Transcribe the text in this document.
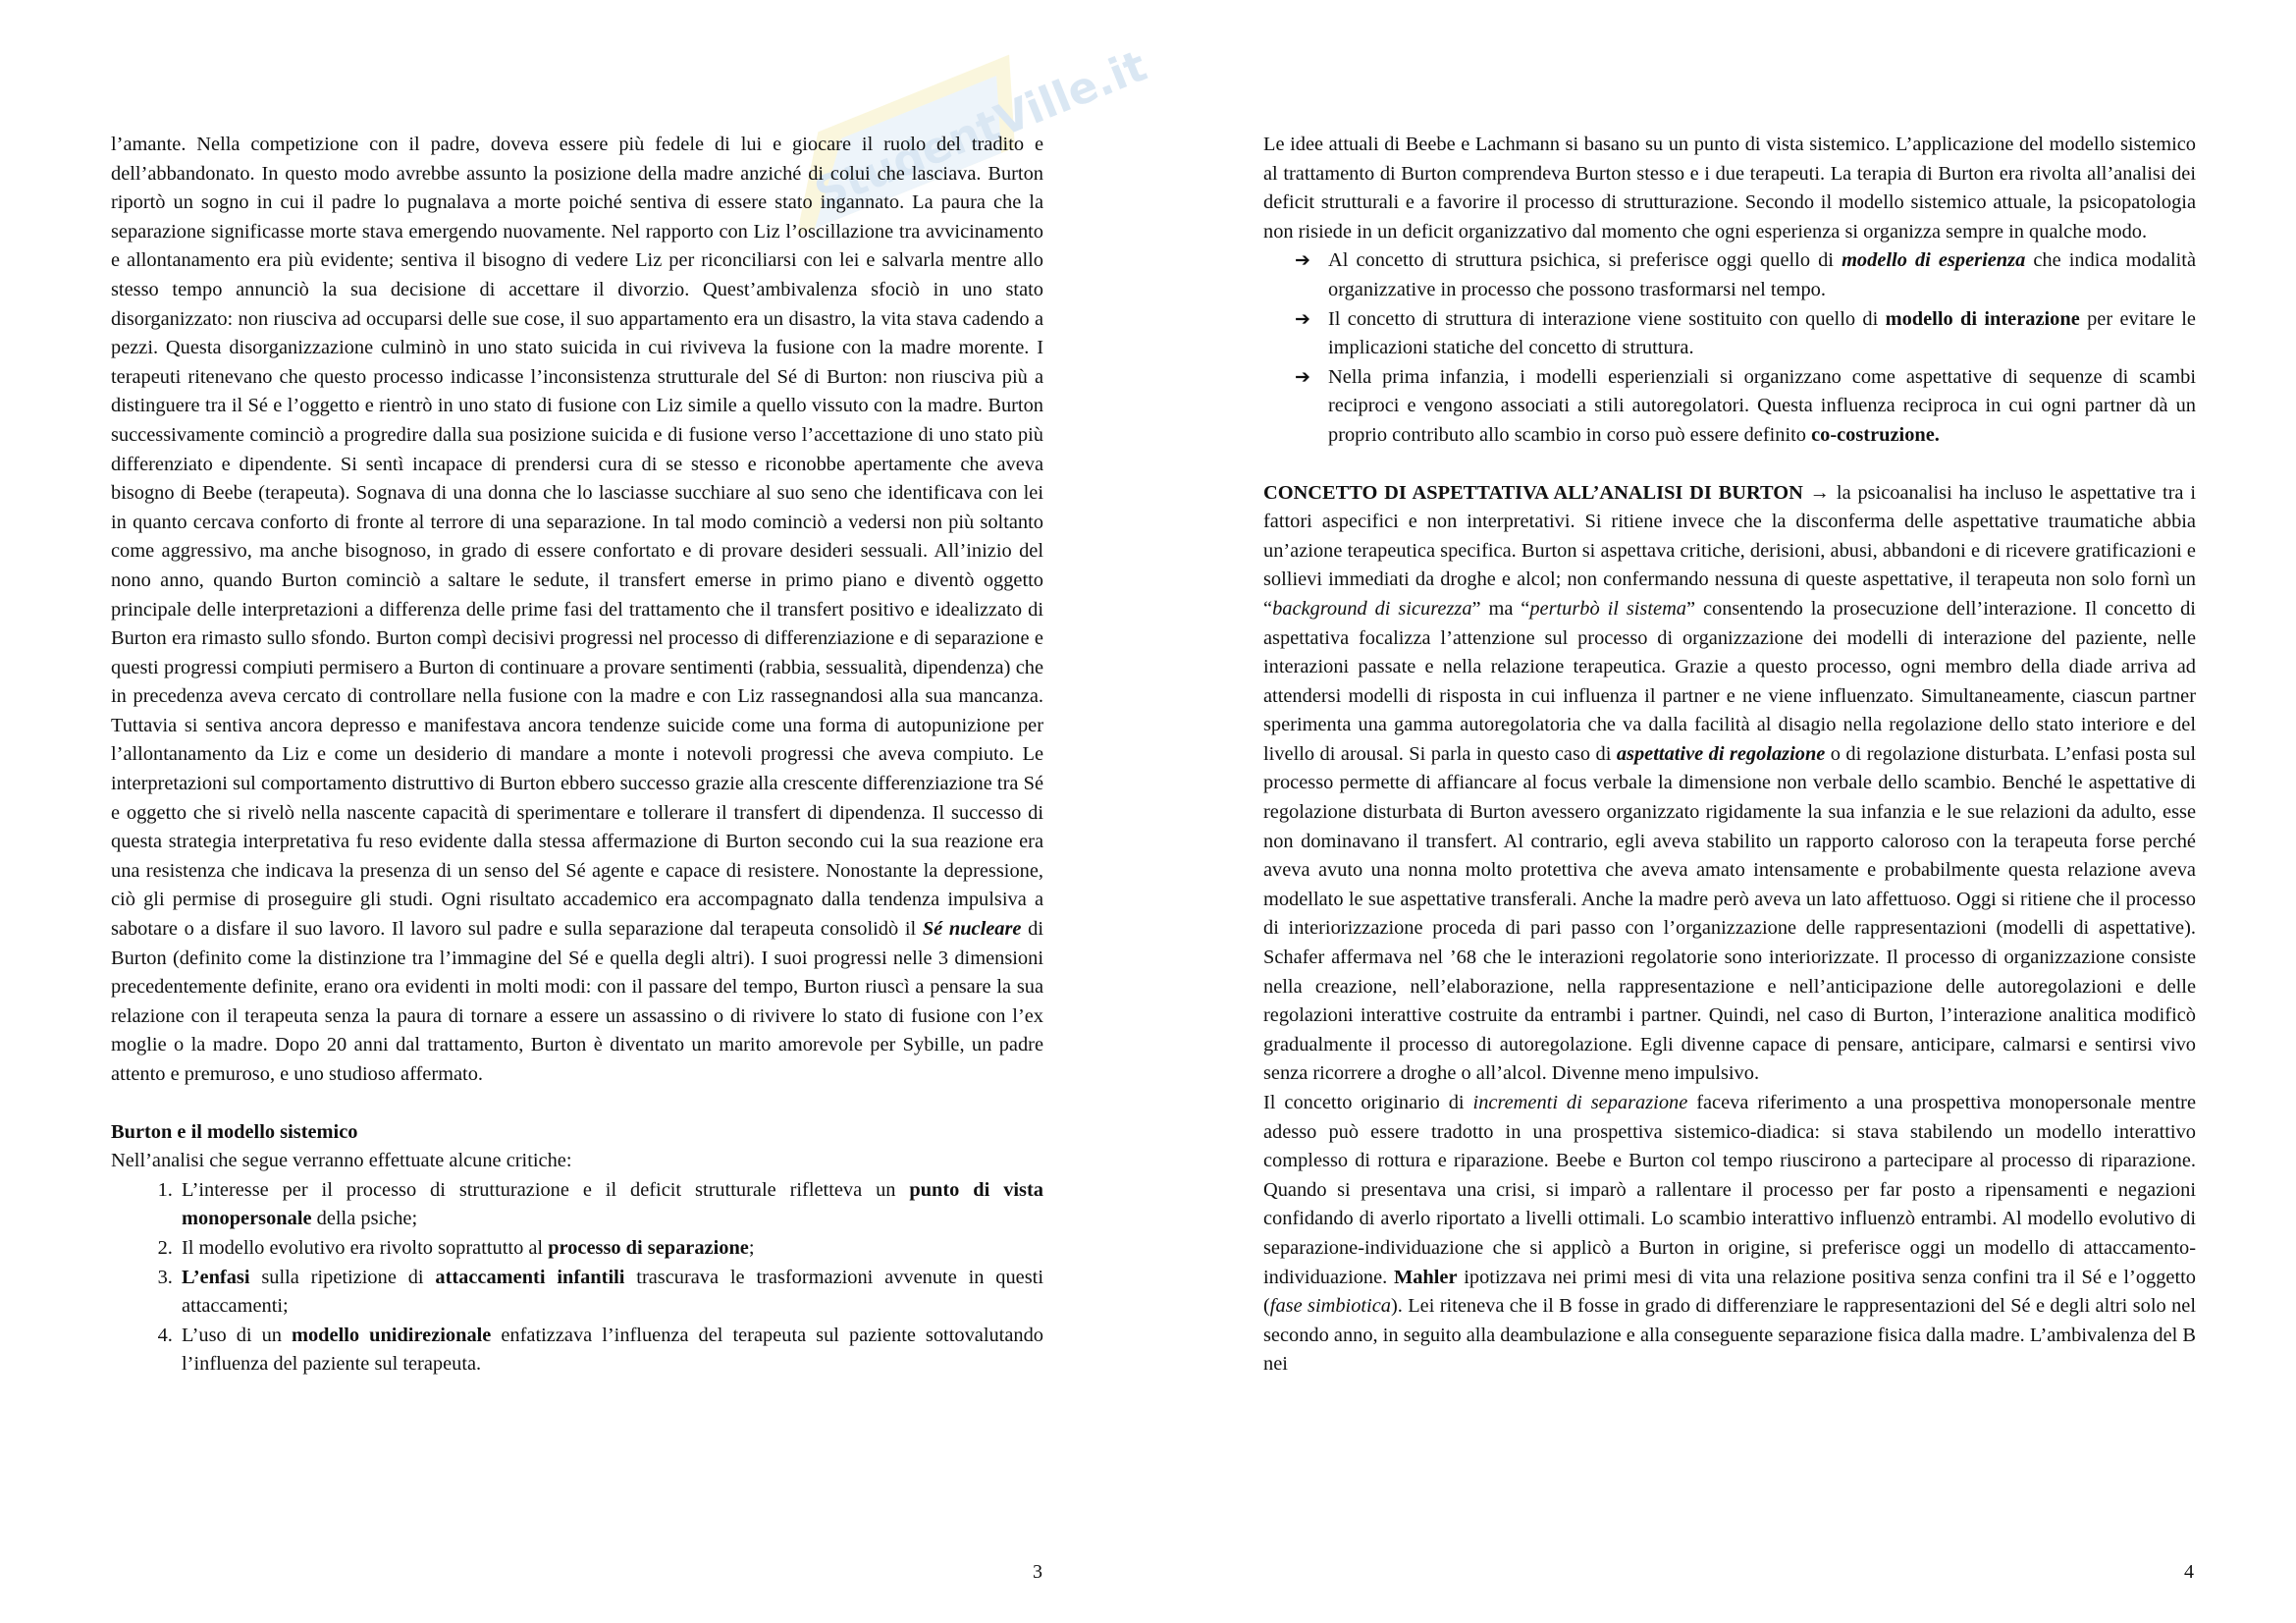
StudentVille.it

l’amante. Nella competizione con il padre, doveva essere più fedele di lui e giocare il ruolo del tradito e dell’abbandonato. In questo modo avrebbe assunto la posizione della madre anziché di colui che lasciava. Burton riportò un sogno in cui il padre lo pugnalava a morte poiché sentiva di essere stato ingannato. La paura che la separazione significasse morte stava emergendo nuovamente. Nel rapporto con Liz l’oscillazione tra avvicinamento e allontanamento era più evidente; sentiva il bisogno di vedere Liz per riconciliarsi con lei e salvarla mentre allo stesso tempo annunciò la sua decisione di accettare il divorzio. Quest’ambivalenza sfociò in uno stato disorganizzato: non riusciva ad occuparsi delle sue cose, il suo appartamento era un disastro, la vita stava cadendo a pezzi. Questa disorganizzazione culminò in uno stato suicida in cui riviveva la fusione con la madre morente. I terapeuti ritenevano che questo processo indicasse l’inconsistenza strutturale del Sé di Burton: non riusciva più a distinguere tra il Sé e l’oggetto e rientrò in uno stato di fusione con Liz simile a quello vissuto con la madre. Burton successivamente cominciò a progredire dalla sua posizione suicida e di fusione verso l’accettazione di uno stato più differenziato e dipendente. Si sentì incapace di prendersi cura di se stesso e riconobbe apertamente che aveva bisogno di Beebe (terapeuta). Sognava di una donna che lo lasciasse succhiare al suo seno che identificava con lei in quanto cercava conforto di fronte al terrore di una separazione. In tal modo cominciò a vedersi non più soltanto come aggressivo, ma anche bisognoso, in grado di essere confortato e di provare desideri sessuali. All’inizio del nono anno, quando Burton cominciò a saltare le sedute, il transfert emerse in primo piano e diventò oggetto principale delle interpretazioni a differenza delle prime fasi del trattamento che il transfert positivo e idealizzato di Burton era rimasto sullo sfondo. Burton compì decisivi progressi nel processo di differenziazione e di separazione e questi progressi compiuti permisero a Burton di continuare a provare sentimenti (rabbia, sessualità, dipendenza) che in precedenza aveva cercato di controllare nella fusione con la madre e con Liz rassegnandosi alla sua mancanza. Tuttavia si sentiva ancora depresso e manifestava ancora tendenze suicide come una forma di autopunizione per l’allontanamento da Liz e come un desiderio di mandare a monte i notevoli progressi che aveva compiuto. Le interpretazioni sul comportamento distruttivo di Burton ebbero successo grazie alla crescente differenziazione tra Sé e oggetto che si rivelò nella nascente capacità di sperimentare e tollerare il transfert di dipendenza. Il successo di questa strategia interpretativa fu reso evidente dalla stessa affermazione di Burton secondo cui la sua reazione era una resistenza che indicava la presenza di un senso del Sé agente e capace di resistere. Nonostante la depressione, ciò gli permise di proseguire gli studi. Ogni risultato accademico era accompagnato dalla tendenza impulsiva a sabotare o a disfare il suo lavoro. Il lavoro sul padre e sulla separazione dal terapeuta consolidò il Sé nucleare di Burton (definito come la distinzione tra l’immagine del Sé e quella degli altri). I suoi progressi nelle 3 dimensioni precedentemente definite, erano ora evidenti in molti modi: con il passare del tempo, Burton riuscì a pensare la sua relazione con il terapeuta senza la paura di tornare a essere un assassino o di rivivere lo stato di fusione con l’ex moglie o la madre. Dopo 20 anni dal trattamento, Burton è diventato un marito amorevole per Sybille, un padre attento e premuroso, e uno studioso affermato.

Burton e il modello sistemico

Nell’analisi che segue verranno effettuate alcune critiche:

1. L’interesse per il processo di strutturazione e il deficit strutturale rifletteva un punto di vista monopersonale della psiche;
2. Il modello evolutivo era rivolto soprattutto al processo di separazione;
3. L’enfasi sulla ripetizione di attaccamenti infantili trascurava le trasformazioni avvenute in questi attaccamenti;
4. L’uso di un modello unidirezionale enfatizzava l’influenza del terapeuta sul paziente sottovalutando l’influenza del paziente sul terapeuta.
3

Le idee attuali di Beebe e Lachmann si basano su un punto di vista sistemico. L’applicazione del modello sistemico al trattamento di Burton comprendeva Burton stesso e i due terapeuti. La terapia di Burton era rivolta all’analisi dei deficit strutturali e a favorire il processo di strutturazione. Secondo il modello sistemico attuale, la psicopatologia non risiede in un deficit organizzativo dal momento che ogni esperienza si organizza sempre in qualche modo.

➔ Al concetto di struttura psichica, si preferisce oggi quello di modello di esperienza che indica modalità organizzative in processo che possono trasformarsi nel tempo.
➔ Il concetto di struttura di interazione viene sostituito con quello di modello di interazione per evitare le implicazioni statiche del concetto di struttura.
➔ Nella prima infanzia, i modelli esperienziali si organizzano come aspettative di sequenze di scambi reciproci e vengono associati a stili autoregolatori. Questa influenza reciproca in cui ogni partner dà un proprio contributo allo scambio in corso può essere definito co-costruzione.

CONCETTO DI ASPETTATIVA ALL’ANALISI DI BURTON → la psicoanalisi ha incluso le aspettative tra i fattori aspecifici e non interpretativi. Si ritiene invece che la disconferma delle aspettative traumatiche abbia un’azione terapeutica specifica. Burton si aspettava critiche, derisioni, abusi, abbandoni e di ricevere gratificazioni e sollievi immediati da droghe e alcol; non confermando nessuna di queste aspettative, il terapeuta non solo fornì un “background di sicurezza” ma “perturbò il sistema” consentendo la prosecuzione dell’interazione. Il concetto di aspettativa focalizza l’attenzione sul processo di organizzazione dei modelli di interazione del paziente, nelle interazioni passate e nella relazione terapeutica. Grazie a questo processo, ogni membro della diade arriva ad attendersi modelli di risposta in cui influenza il partner e ne viene influenzato. Simultaneamente, ciascun partner sperimenta una gamma autoregolatoria che va dalla facilità al disagio nella regolazione dello stato interiore e del livello di arousal. Si parla in questo caso di aspettative di regolazione o di regolazione disturbata. L’enfasi posta sul processo permette di affiancare al focus verbale la dimensione non verbale dello scambio. Benché le aspettative di regolazione disturbata di Burton avessero organizzato rigidamente la sua infanzia e le sue relazioni da adulto, esse non dominavano il transfert. Al contrario, egli aveva stabilito un rapporto caloroso con la terapeuta forse perché aveva avuto una nonna molto protettiva che aveva amato intensamente e probabilmente questa relazione aveva modellato le sue aspettative transferali. Anche la madre però aveva un lato affettuoso. Oggi si ritiene che il processo di interiorizzazione proceda di pari passo con l’organizzazione delle rappresentazioni (modelli di aspettative). Schafer affermava nel ’68 che le interazioni regolatorie sono interiorizzate. Il processo di organizzazione consiste nella creazione, nell’elaborazione, nella rappresentazione e nell’anticipazione delle autoregolazioni e delle regolazioni interattive costruite da entrambi i partner. Quindi, nel caso di Burton, l’interazione analitica modificò gradualmente il processo di autoregolazione. Egli divenne capace di pensare, anticipare, calmarsi e sentirsi vivo senza ricorrere a droghe o all’alcol. Divenne meno impulsivo.

Il concetto originario di incrementi di separazione faceva riferimento a una prospettiva monopersonale mentre adesso può essere tradotto in una prospettiva sistemico-diadica: si stava stabilendo un modello interattivo complesso di rottura e riparazione. Beebe e Burton col tempo riuscirono a partecipare al processo di riparazione. Quando si presentava una crisi, si imparò a rallentare il processo per far posto a ripensamenti e negazioni confidando di averlo riportato a livelli ottimali. Lo scambio interattivo influenzò entrambi. Al modello evolutivo di separazione-individuazione che si applicò a Burton in origine, si preferisce oggi un modello di attaccamento-individuazione. Mahler ipotizzava nei primi mesi di vita una relazione positiva senza confini tra il Sé e l’oggetto (fase simbiotica). Lei riteneva che il B fosse in grado di differenziare le rappresentazioni del Sé e degli altri solo nel secondo anno, in seguito alla deambulazione e alla conseguente separazione fisica dalla madre. L’ambivalenza del B nei

4
